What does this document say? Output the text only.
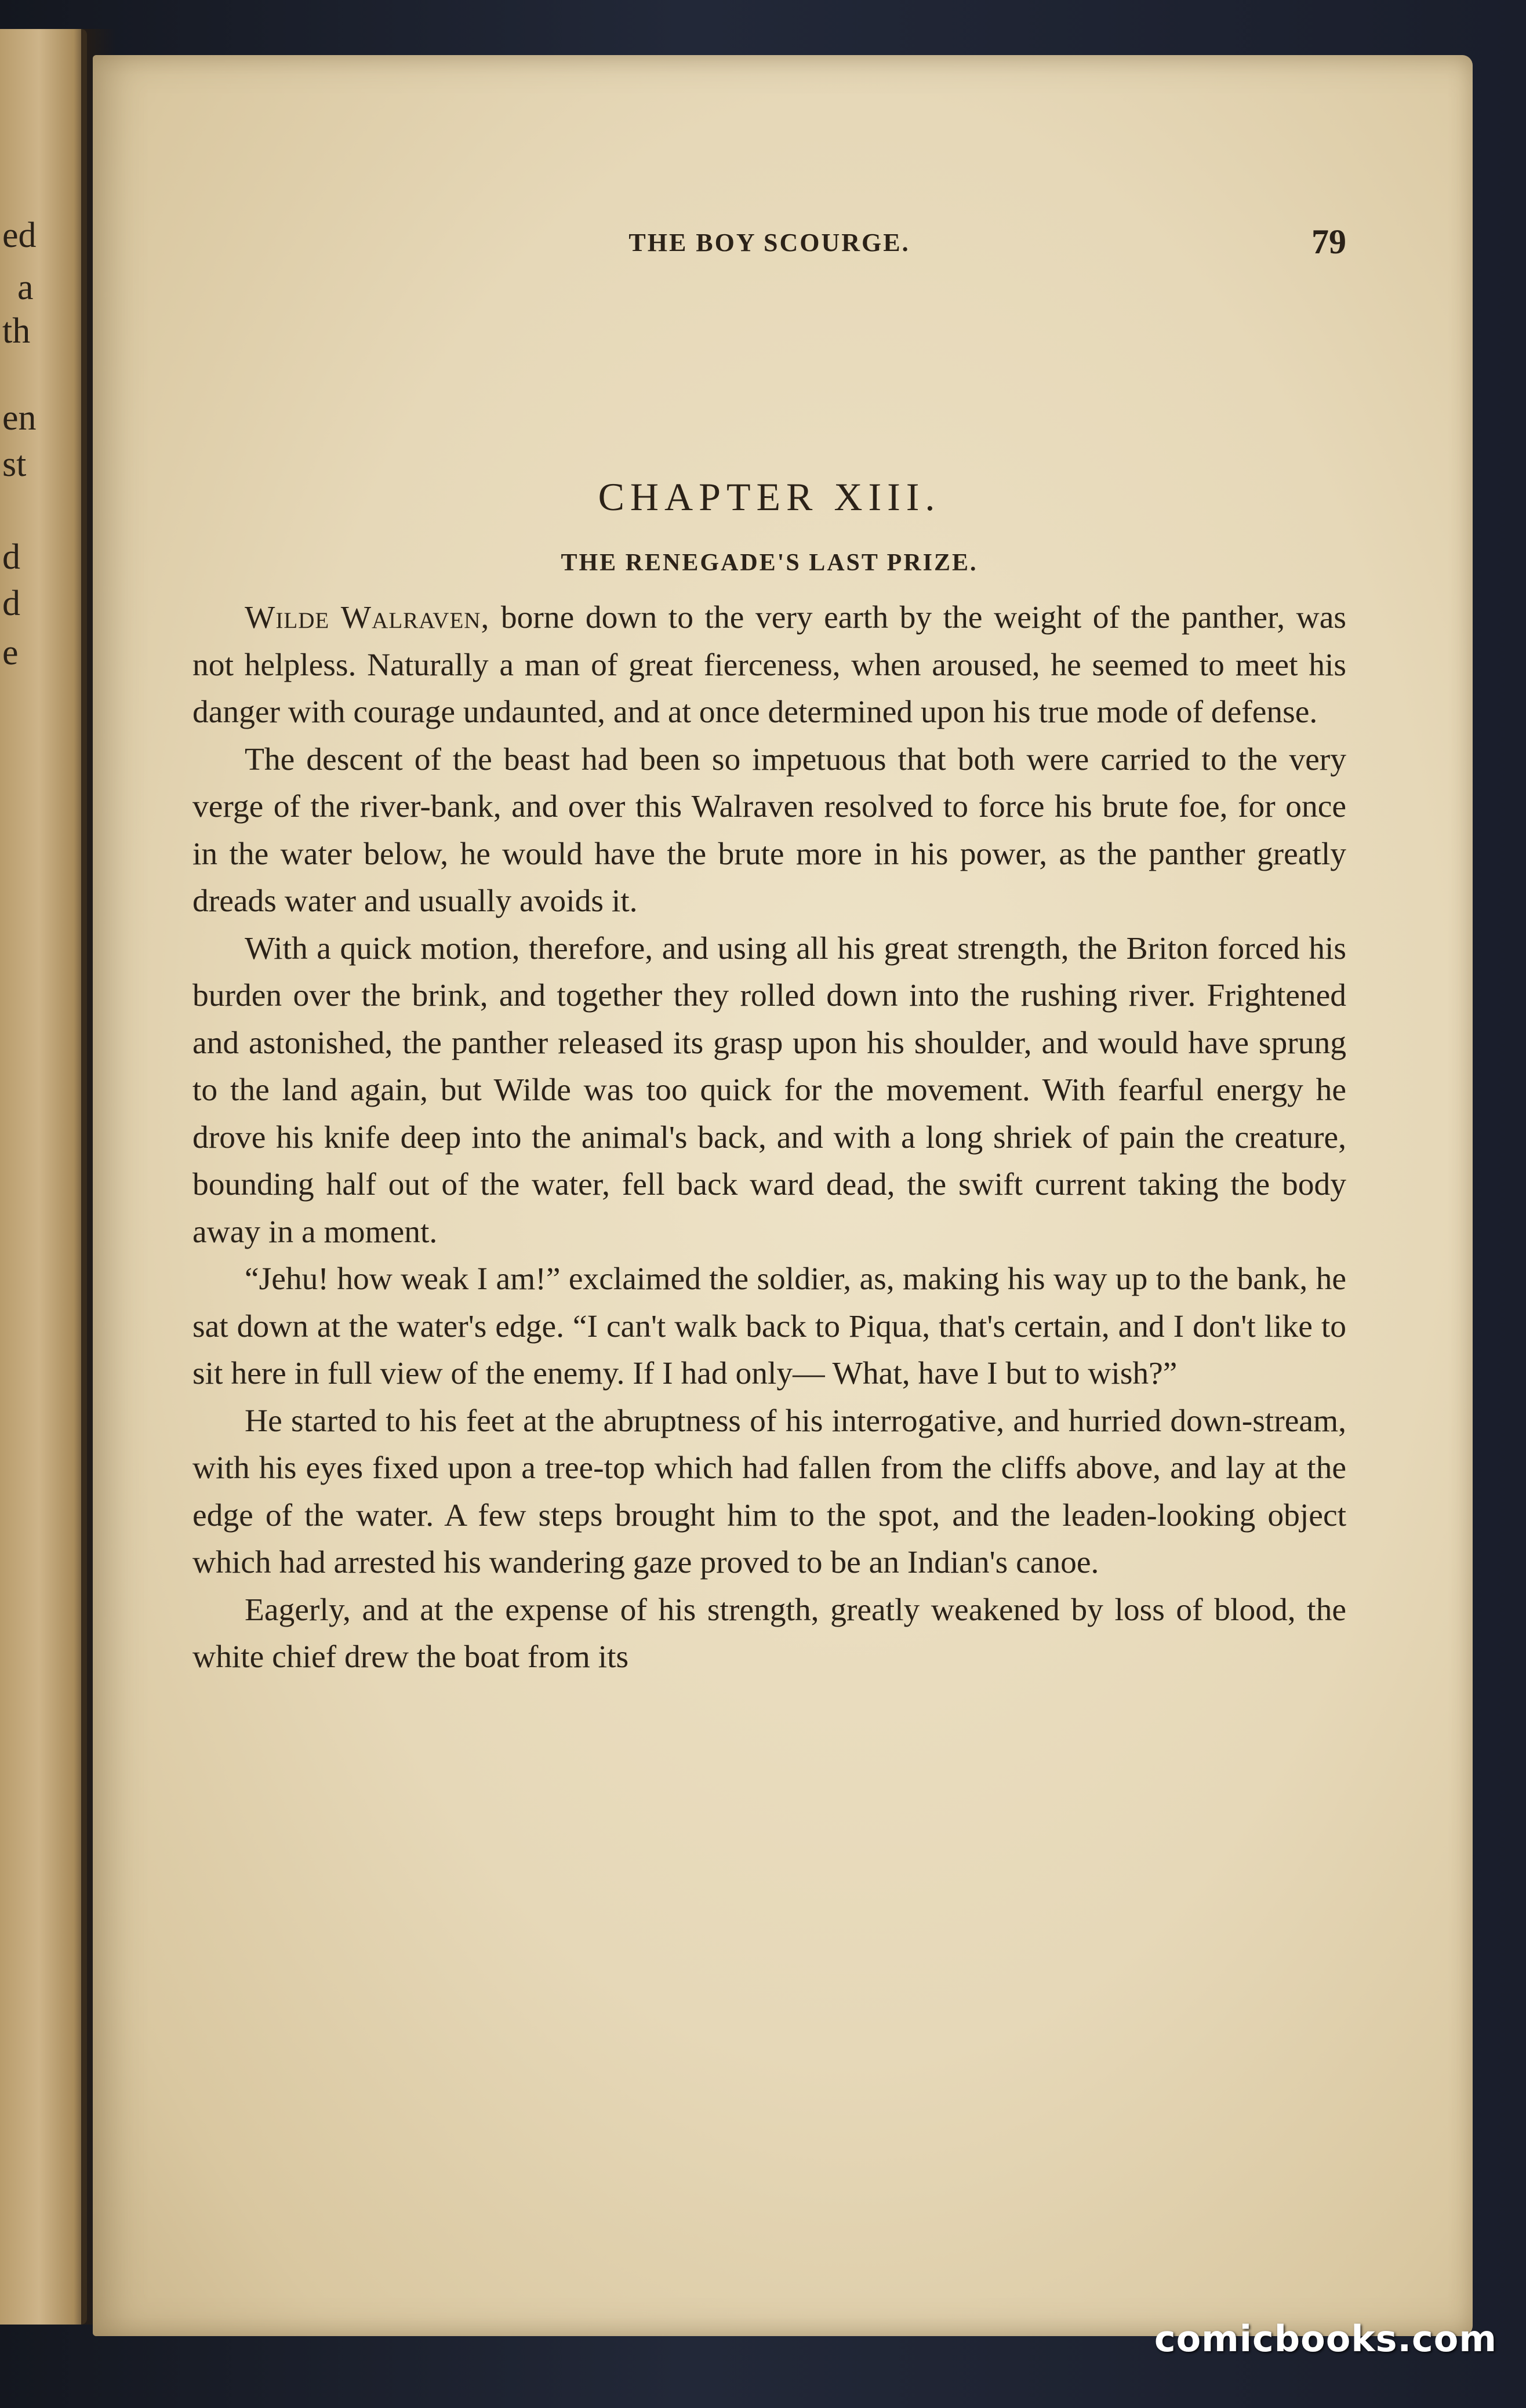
ed
a
th
en
st
d
d
e
THE BOY SCOURGE.	79
CHAPTER XIII.
THE RENEGADE'S LAST PRIZE.

Wilde Walraven, borne down to the very earth by the weight of the panther, was not helpless. Naturally a man of great fierceness, when aroused, he seemed to meet his danger with courage undaunted, and at once determined upon his true mode of defense.

The descent of the beast had been so impetuous that both were carried to the very verge of the river-bank, and over this Walraven resolved to force his brute foe, for once in the water below, he would have the brute more in his power, as the panther greatly dreads water and usually avoids it.

With a quick motion, therefore, and using all his great strength, the Briton forced his burden over the brink, and together they rolled down into the rushing river. Frightened and astonished, the panther released its grasp upon his shoulder, and would have sprung to the land again, but Wilde was too quick for the movement. With fearful energy he drove his knife deep into the animal's back, and with a long shriek of pain the creature, bounding half out of the water, fell back ward dead, the swift current taking the body away in a moment.

“Jehu! how weak I am!” exclaimed the soldier, as, making his way up to the bank, he sat down at the water's edge. “I can't walk back to Piqua, that's certain, and I don't like to sit here in full view of the enemy. If I had only— What, have I but to wish?”

He started to his feet at the abruptness of his interrogative, and hurried down-stream, with his eyes fixed upon a tree-top which had fallen from the cliffs above, and lay at the edge of the water. A few steps brought him to the spot, and the leaden-looking object which had arrested his wandering gaze proved to be an Indian's canoe.

Eagerly, and at the expense of his strength, greatly weakened by loss of blood, the white chief drew the boat from its

comicbooks.com
